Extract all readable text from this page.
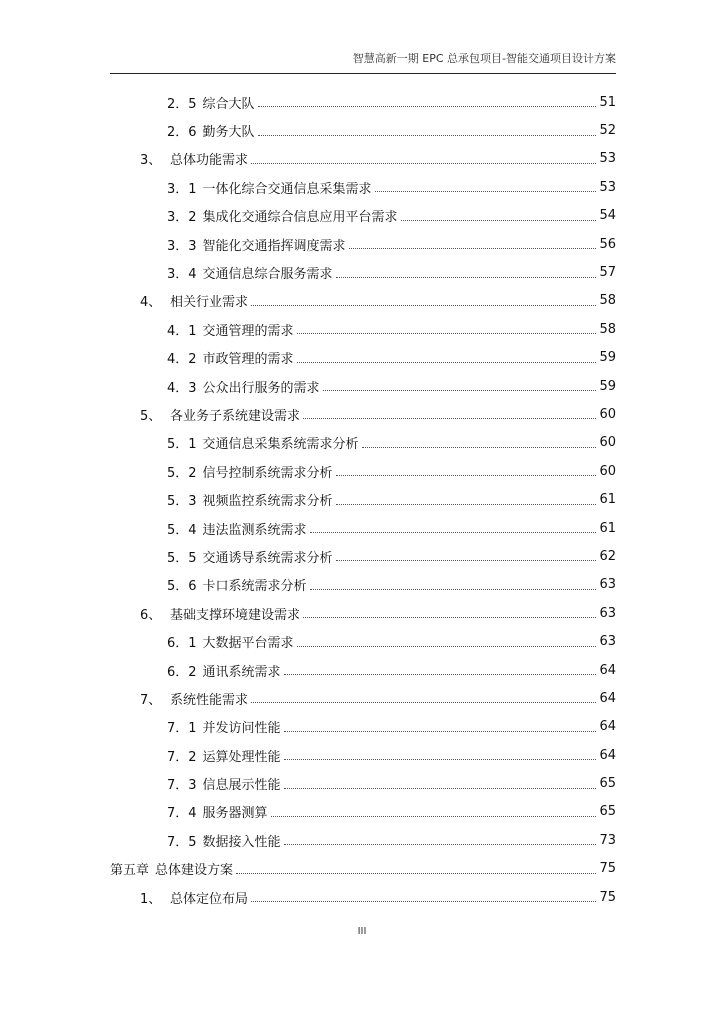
智慧高新一期 EPC 总承包项目-智能交通项目设计方案
2．5 综合大队	51
2．6 勤务大队	52
3、 总体功能需求	53
3．1 一体化综合交通信息采集需求	53
3．2 集成化交通综合信息应用平台需求	54
3．3 智能化交通指挥调度需求	56
3．4 交通信息综合服务需求	57
4、 相关行业需求	58
4．1 交通管理的需求	58
4．2 市政管理的需求	59
4．3 公众出行服务的需求	59
5、 各业务子系统建设需求	60
5．1 交通信息采集系统需求分析	60
5．2 信号控制系统需求分析	60
5．3 视频监控系统需求分析	61
5．4 违法监测系统需求	61
5．5 交通诱导系统需求分析	62
5．6 卡口系统需求分析	63
6、 基础支撑环境建设需求	63
6．1 大数据平台需求	63
6．2 通讯系统需求	64
7、 系统性能需求	64
7．1 并发访问性能	64
7．2 运算处理性能	64
7．3 信息展示性能	65
7．4 服务器测算	65
7．5 数据接入性能	73
第五章 总体建设方案	75
1、 总体定位布局	75
III
